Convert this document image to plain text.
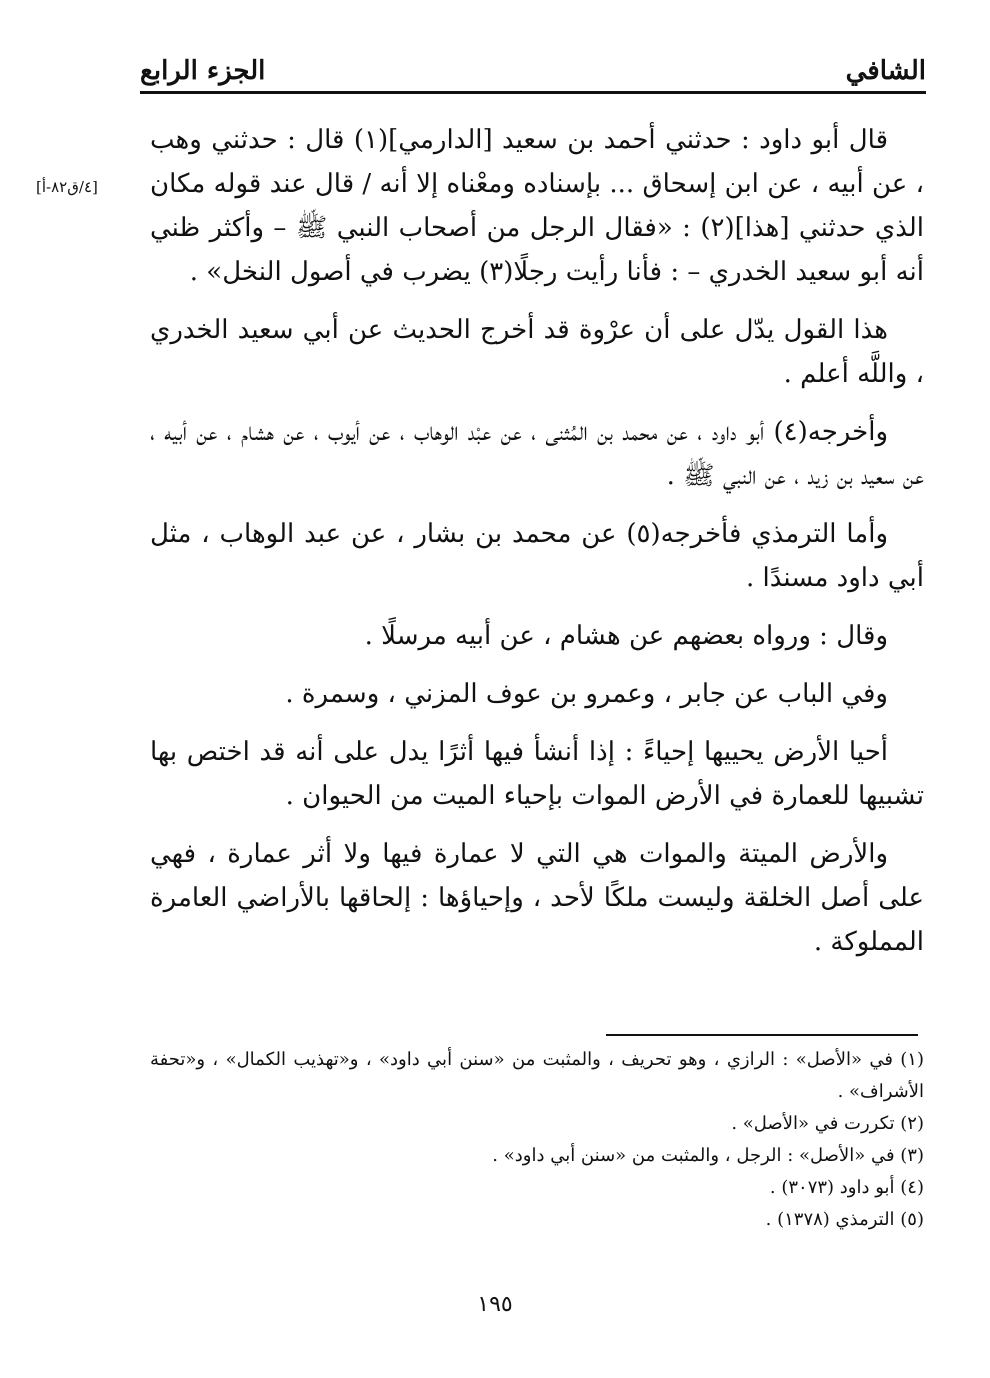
الشافي
الجزء الرابع
[٤/ق٨٢-أ]

قال أبو داود : حدثني أحمد بن سعيد [الدارمي](١) قال : حدثني وهب ، عن أبيه ، عن ابن إسحاق ... بإسناده ومعْناه إلا أنه / قال عند قوله مكان الذي حدثني [هذا](٢) : «فقال الرجل من أصحاب النبي ﷺ – وأكثر ظني أنه أبو سعيد الخدري – : فأنا رأيت رجلًا(٣) يضرب في أصول النخل» .

هذا القول يدّل على أن عرْوة قد أخرج الحديث عن أبي سعيد الخدري ، واللَّه أعلم .

وأخرجه(٤) أبو داود ، عن محمد بن المُثنى ، عن عبْد الوهاب ، عن أيوب ، عن هشام ، عن أبيه ، عن سعيد بن زيد ، عن النبي ﷺ .

وأما الترمذي فأخرجه(٥) عن محمد بن بشار ، عن عبد الوهاب ، مثل أبي داود مسندًا .

وقال : ورواه بعضهم عن هشام ، عن أبيه مرسلًا .

وفي الباب عن جابر ، وعمرو بن عوف المزني ، وسمرة .

أحيا الأرض يحييها إحياءً : إذا أنشأ فيها أثرًا يدل على أنه قد اختص بها تشبيها للعمارة في الأرض الموات بإحياء الميت من الحيوان .

والأرض الميتة والموات هي التي لا عمارة فيها ولا أثر عمارة ، فهي على أصل الخلقة وليست ملكًا لأحد ، وإحياؤها : إلحاقها بالأراضي العامرة المملوكة .

(١) في «الأصل» : الرازي ، وهو تحريف ، والمثبت من «سنن أبي داود» ، و«تهذيب الكمال» ، و«تحفة الأشراف» .

(٢) تكررت في «الأصل» .

(٣) في «الأصل» : الرجل ، والمثبت من «سنن أبي داود» .

(٤) أبو داود (٣٠٧٣) .

(٥) الترمذي (١٣٧٨) .

١٩٥
